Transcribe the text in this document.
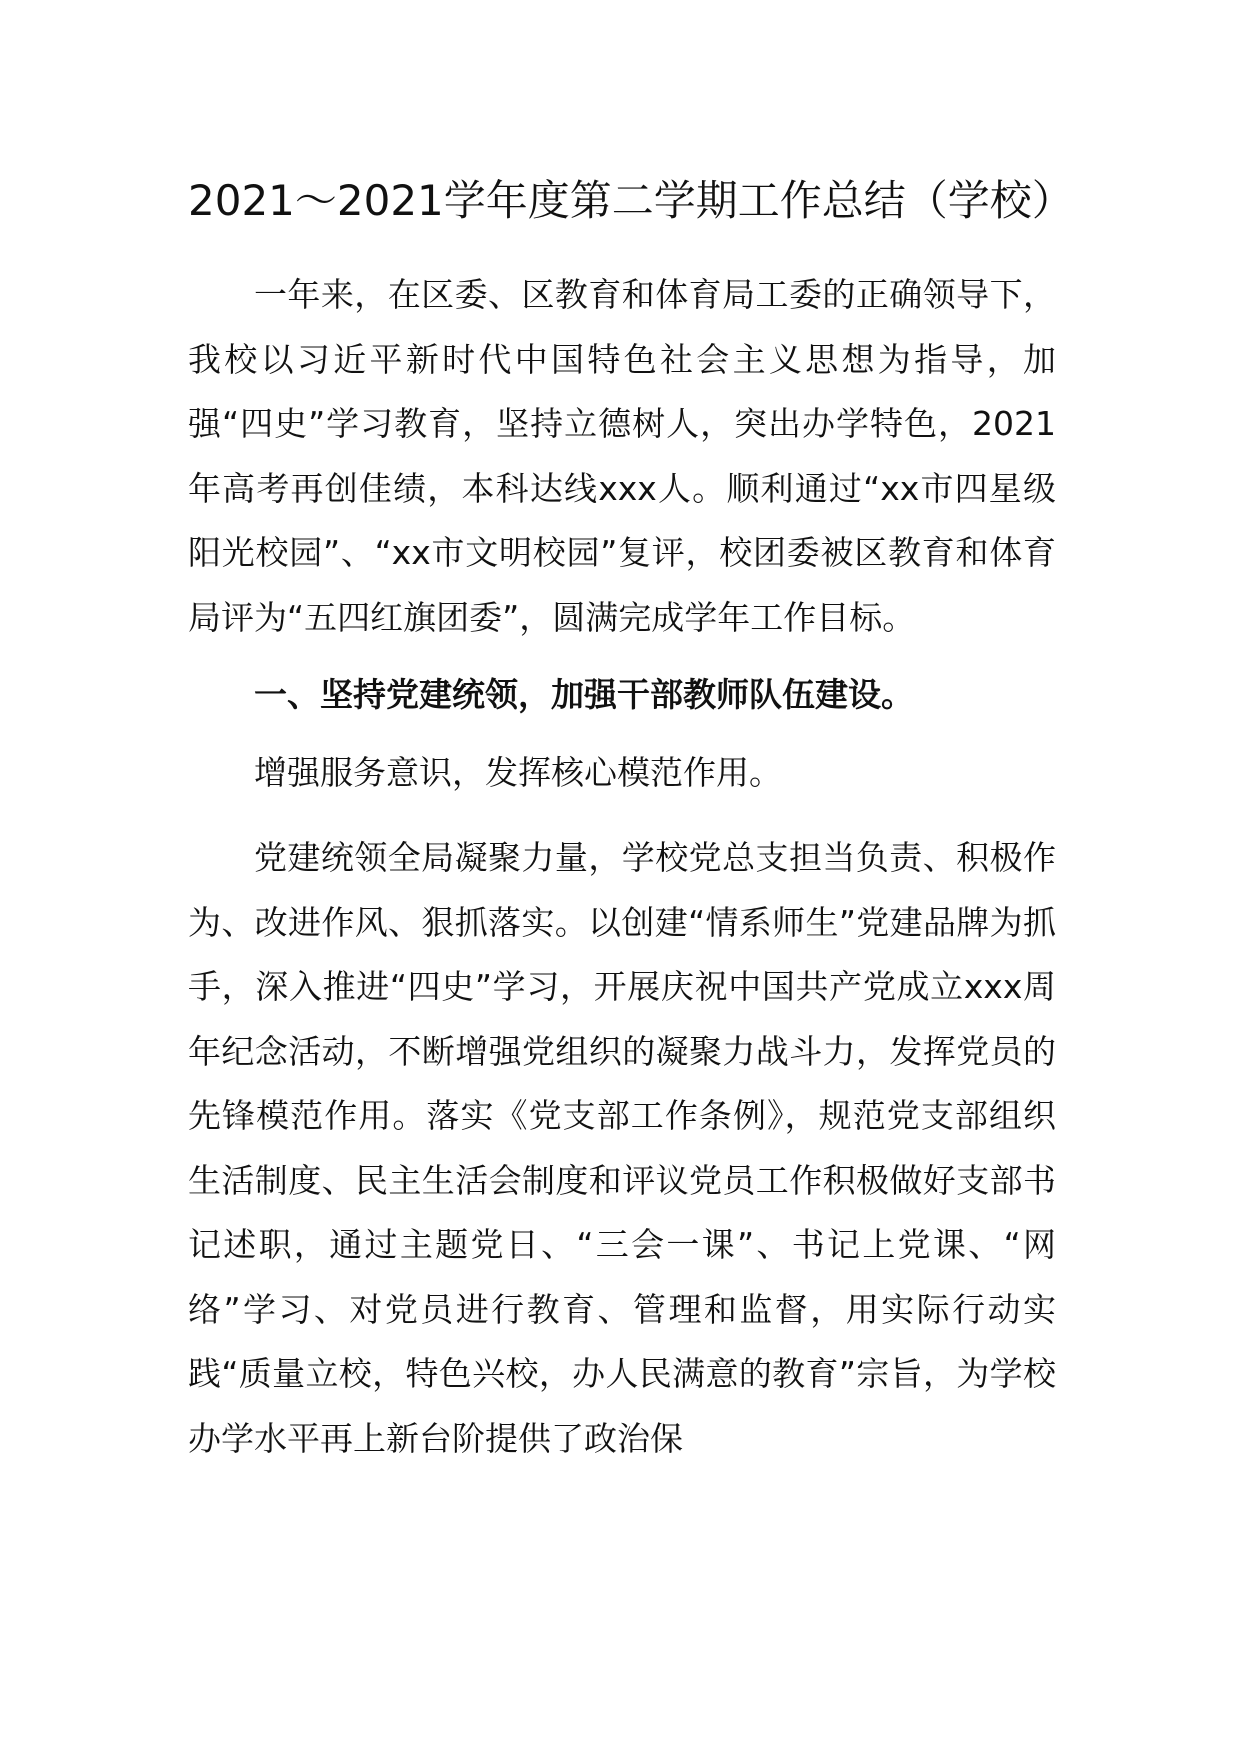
2021～2021学年度第二学期工作总结（学校）

一年来，在区委、区教育和体育局工委的正确领导下，我校以习近平新时代中国特色社会主义思想为指导，加强“四史”学习教育，坚持立德树人，突出办学特色，2021年高考再创佳绩，本科达线xxx人。顺利通过“xx市四星级阳光校园”、“xx市文明校园”复评，校团委被区教育和体育局评为“五四红旗团委”，圆满完成学年工作目标。

一、坚持党建统领，加强干部教师队伍建设。

增强服务意识，发挥核心模范作用。

党建统领全局凝聚力量，学校党总支担当负责、积极作为、改进作风、狠抓落实。以创建“情系师生”党建品牌为抓手，深入推进“四史”学习，开展庆祝中国共产党成立xxx周年纪念活动，不断增强党组织的凝聚力战斗力，发挥党员的先锋模范作用。落实《党支部工作条例》，规范党支部组织生活制度、民主生活会制度和评议党员工作积极做好支部书记述职，通过主题党日、“三会一课”、书记上党课、“网络”学习、对党员进行教育、管理和监督，用实际行动实践“质量立校，特色兴校，办人民满意的教育”宗旨，为学校办学水平再上新台阶提供了政治保
